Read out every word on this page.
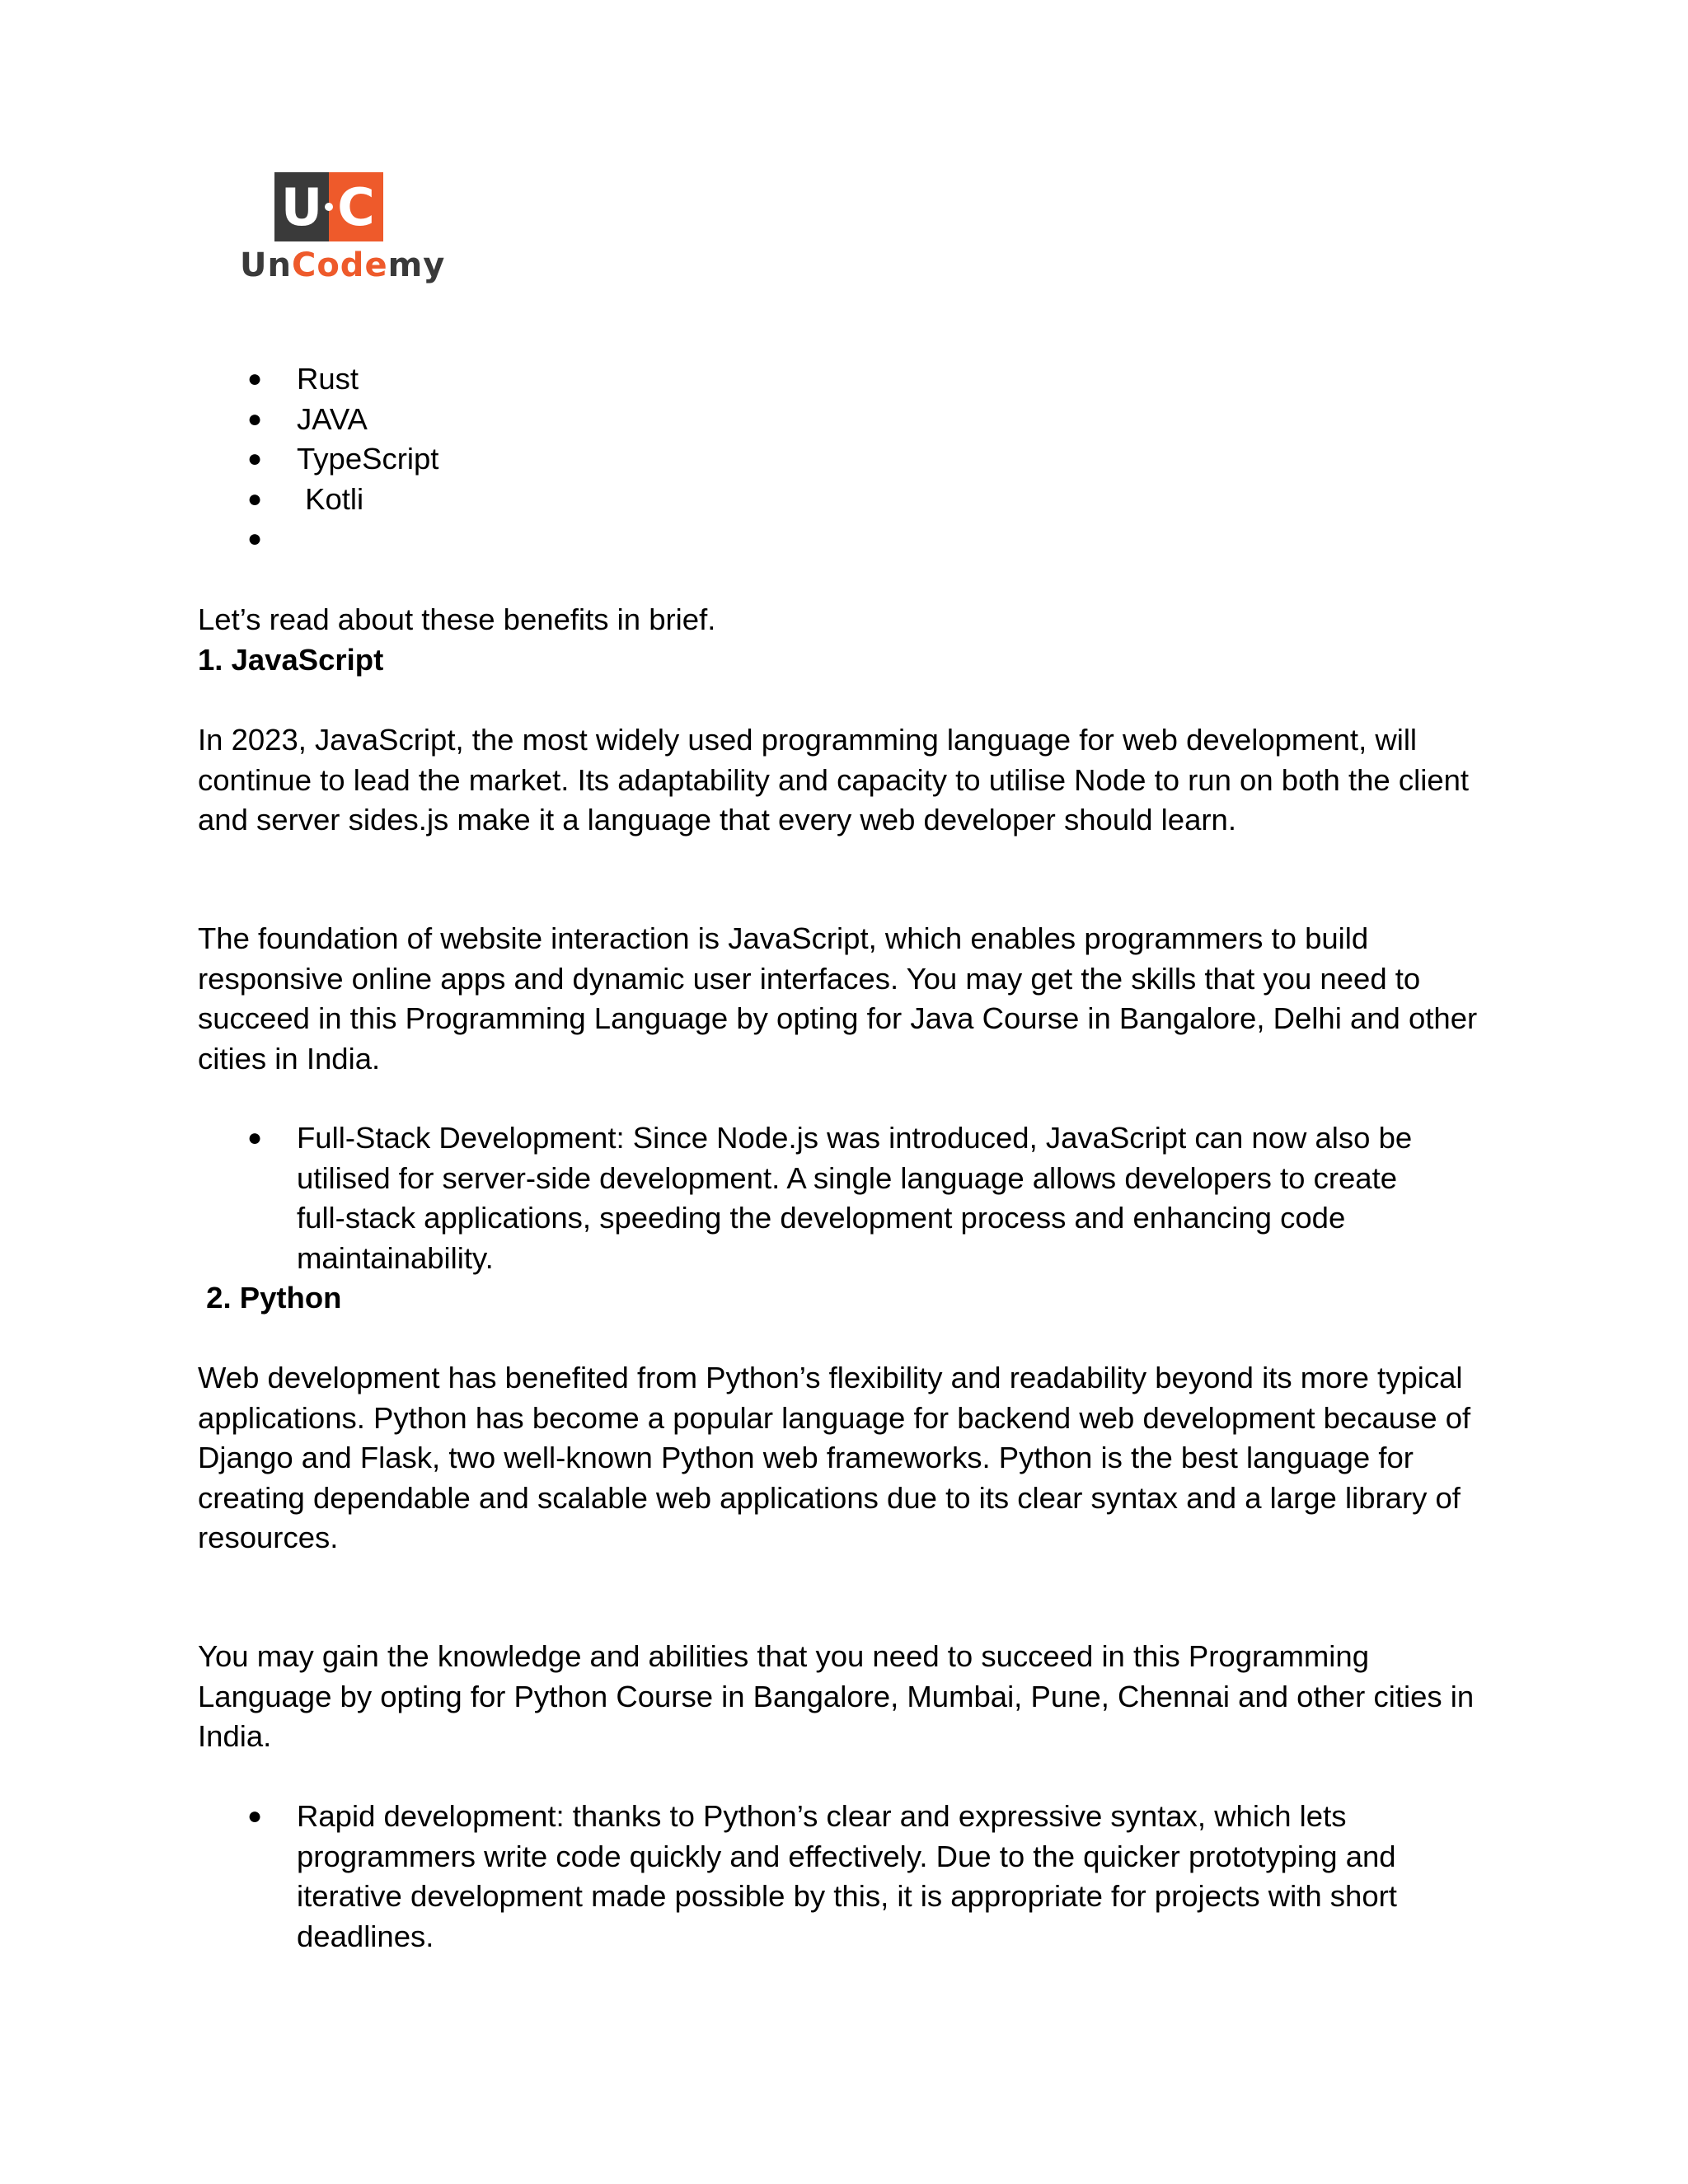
U C
UnCodemy
● Rust
● JAVA
● TypeScript
● Kotli
●

Let’s read about these benefits in brief.

1. JavaScript

In 2023, JavaScript, the most widely used programming language for web development, will
continue to lead the market. Its adaptability and capacity to utilise Node to run on both the client
and server sides.js make it a language that every web developer should learn.
The foundation of website interaction is JavaScript, which enables programmers to build
responsive online apps and dynamic user interfaces. You may get the skills that you need to
succeed in this Programming Language by opting for Java Course in Bangalore, Delhi and other
cities in India.
● Full-Stack Development: Since Node.js was introduced, JavaScript can now also be
utilised for server-side development. A single language allows developers to create
full-stack applications, speeding the development process and enhancing code
maintainability.

2. Python

Web development has benefited from Python’s flexibility and readability beyond its more typical
applications. Python has become a popular language for backend web development because of
Django and Flask, two well-known Python web frameworks. Python is the best language for
creating dependable and scalable web applications due to its clear syntax and a large library of
resources.
You may gain the knowledge and abilities that you need to succeed in this Programming
Language by opting for Python Course in Bangalore, Mumbai, Pune, Chennai and other cities in
India.
● Rapid development: thanks to Python’s clear and expressive syntax, which lets
programmers write code quickly and effectively. Due to the quicker prototyping and
iterative development made possible by this, it is appropriate for projects with short
deadlines.
